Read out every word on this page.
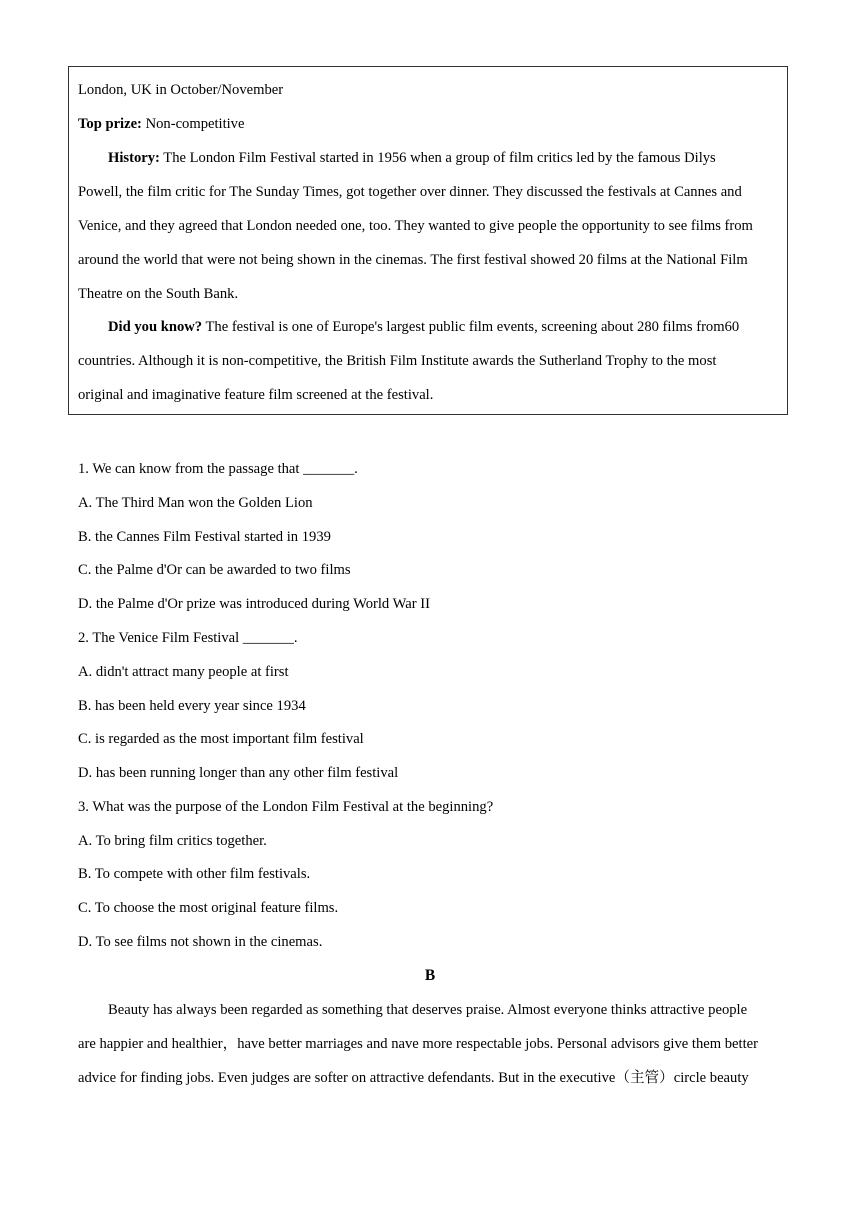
London, UK in October/November
Top prize: Non-competitive
History: The London Film Festival started in 1956 when a group of film critics led by the famous Dilys
Powell, the film critic for The Sunday Times, got together over dinner. They discussed the festivals at Cannes and
Venice, and they agreed that London needed one, too. They wanted to give people the opportunity to see films from
around the world that were not being shown in the cinemas. The first festival showed 20 films at the National Film
Theatre on the South Bank.
Did you know? The festival is one of Europe's largest public film events, screening about 280 films from60
countries. Although it is non-competitive, the British Film Institute awards the Sutherland Trophy to the most
original and imaginative feature film screened at the festival.
1. We can know from the passage that _______.
A. The Third Man won the Golden Lion
B. the Cannes Film Festival started in 1939
C. the Palme d'Or can be awarded to two films
D. the Palme d'Or prize was introduced during World War II
2. The Venice Film Festival _______.
A. didn't attract many people at first
B. has been held every year since 1934
C. is regarded as the most important film festival
D. has been running longer than any other film festival
3. What was the purpose of the London Film Festival at the beginning?
A. To bring film critics together.
B. To compete with other film festivals.
C. To choose the most original feature films.
D. To see films not shown in the cinemas.
B
Beauty has always been regarded as something that deserves praise. Almost everyone thinks attractive people
are happier and healthier，have better marriages and nave more respectable jobs. Personal advisors give them better
advice for finding jobs. Even judges are softer on attractive defendants. But in the executive（主管）circle beauty
